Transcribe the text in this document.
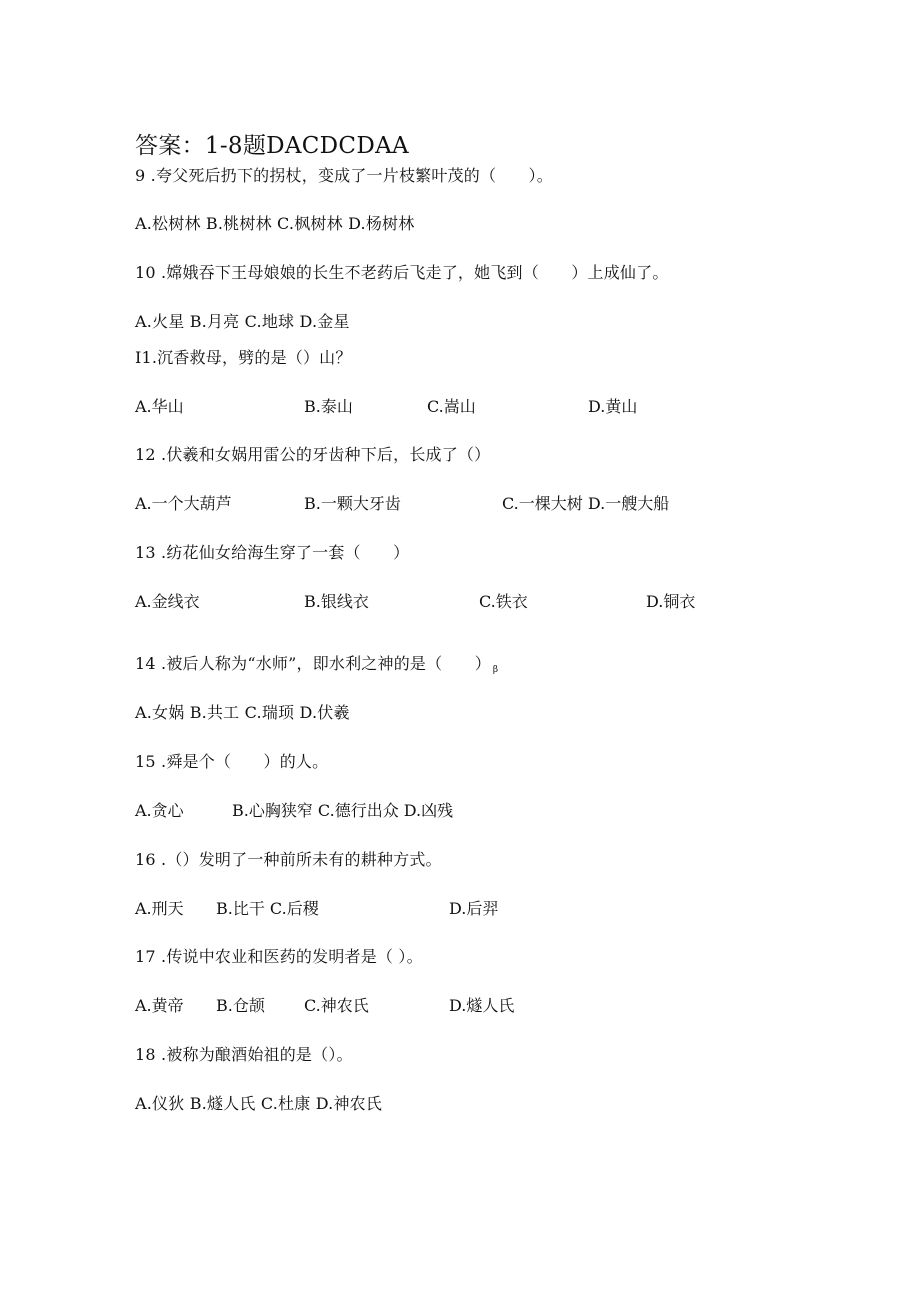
答案：1-8题DACDCDAA
9 .夸父死后扔下的拐杖，变成了一片枝繁叶茂的（　　）。
A.松树林 B.桃树林 C.枫树林 D.杨树林
10 .嫦娥吞下王母娘娘的长生不老药后飞走了，她飞到（　　）上成仙了。
A.火星 B.月亮 C.地球 D.金星
I1.沉香救母，劈的是（）山？
A.华山	B.泰山	C.嵩山	D.黄山
12 .伏羲和女娲用雷公的牙齿种下后，长成了（）
A.一个大葫芦	B.一颗大牙齿	C.一棵大树 D.一艘大船
13 .纺花仙女给海生穿了一套（　　）
A.金线衣	B.银线衣	C.铁衣	D.铜衣
14 .被后人称为“水师”，即水利之神的是（　　） β
A.女娲 B.共工 C.瑞顼 D.伏羲
15 .舜是个（　　）的人。
A.贪心	B.心胸狭窄 C.德行出众 D.凶残
16 .（）发明了一种前所未有的耕种方式。
A.刑天 B.比干 C.后稷	D.后羿
17 .传说中农业和医药的发明者是（ ）。
A.黄帝 B.仓颉 C.神农氏	D.燧人氏
18 .被称为酿酒始祖的是（）。
A.仪狄 B.燧人氏 C.杜康 D.神农氏
